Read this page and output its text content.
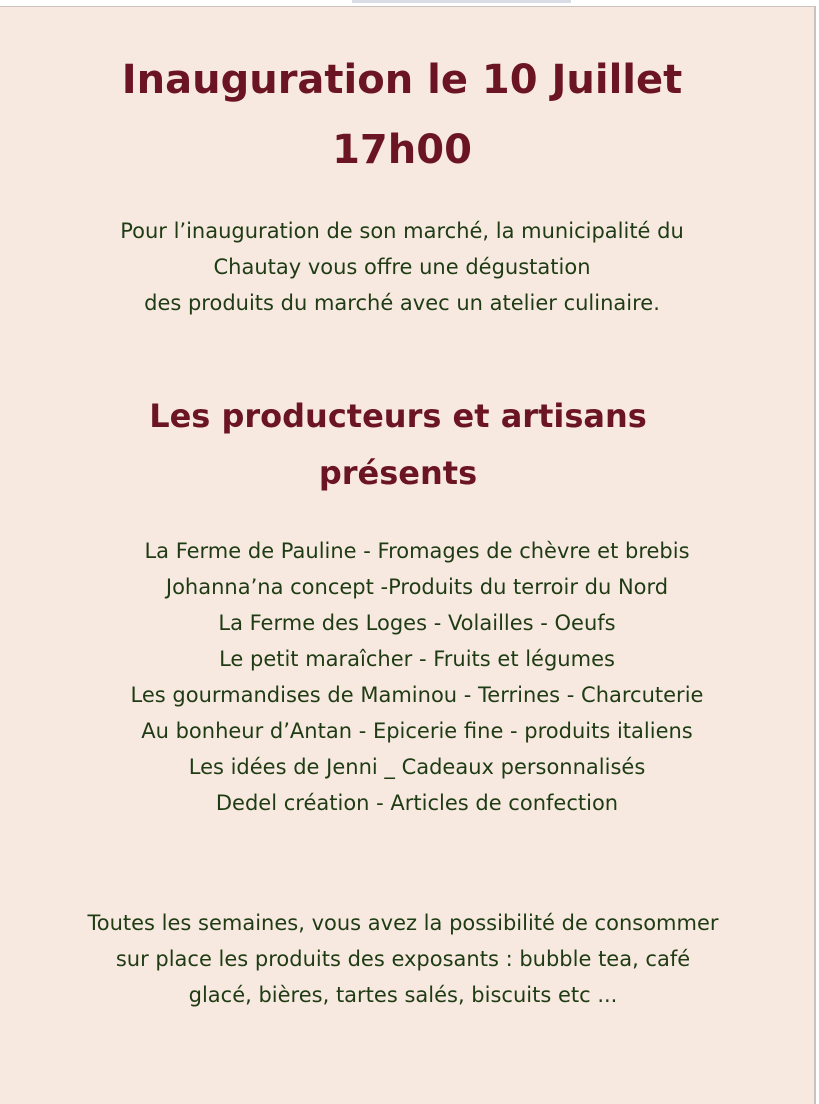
Inauguration le 10 Juillet
17h00
Pour l’inauguration de son marché, la municipalité du
Chautay vous offre une dégustation
des produits du marché avec un atelier culinaire.
Les producteurs et artisans
présents
La Ferme de Pauline - Fromages de chèvre et brebis
Johanna’na concept -Produits du terroir du Nord
La Ferme des Loges - Volailles - Oeufs
Le petit maraîcher - Fruits et légumes
Les gourmandises de Maminou - Terrines - Charcuterie
Au bonheur d’Antan - Epicerie fine - produits italiens
Les idées de Jenni _ Cadeaux personnalisés
Dedel création - Articles de confection
Toutes les semaines, vous avez la possibilité de consommer
sur place les produits des exposants : bubble tea, café
glacé, bières, tartes salés, biscuits etc ...
